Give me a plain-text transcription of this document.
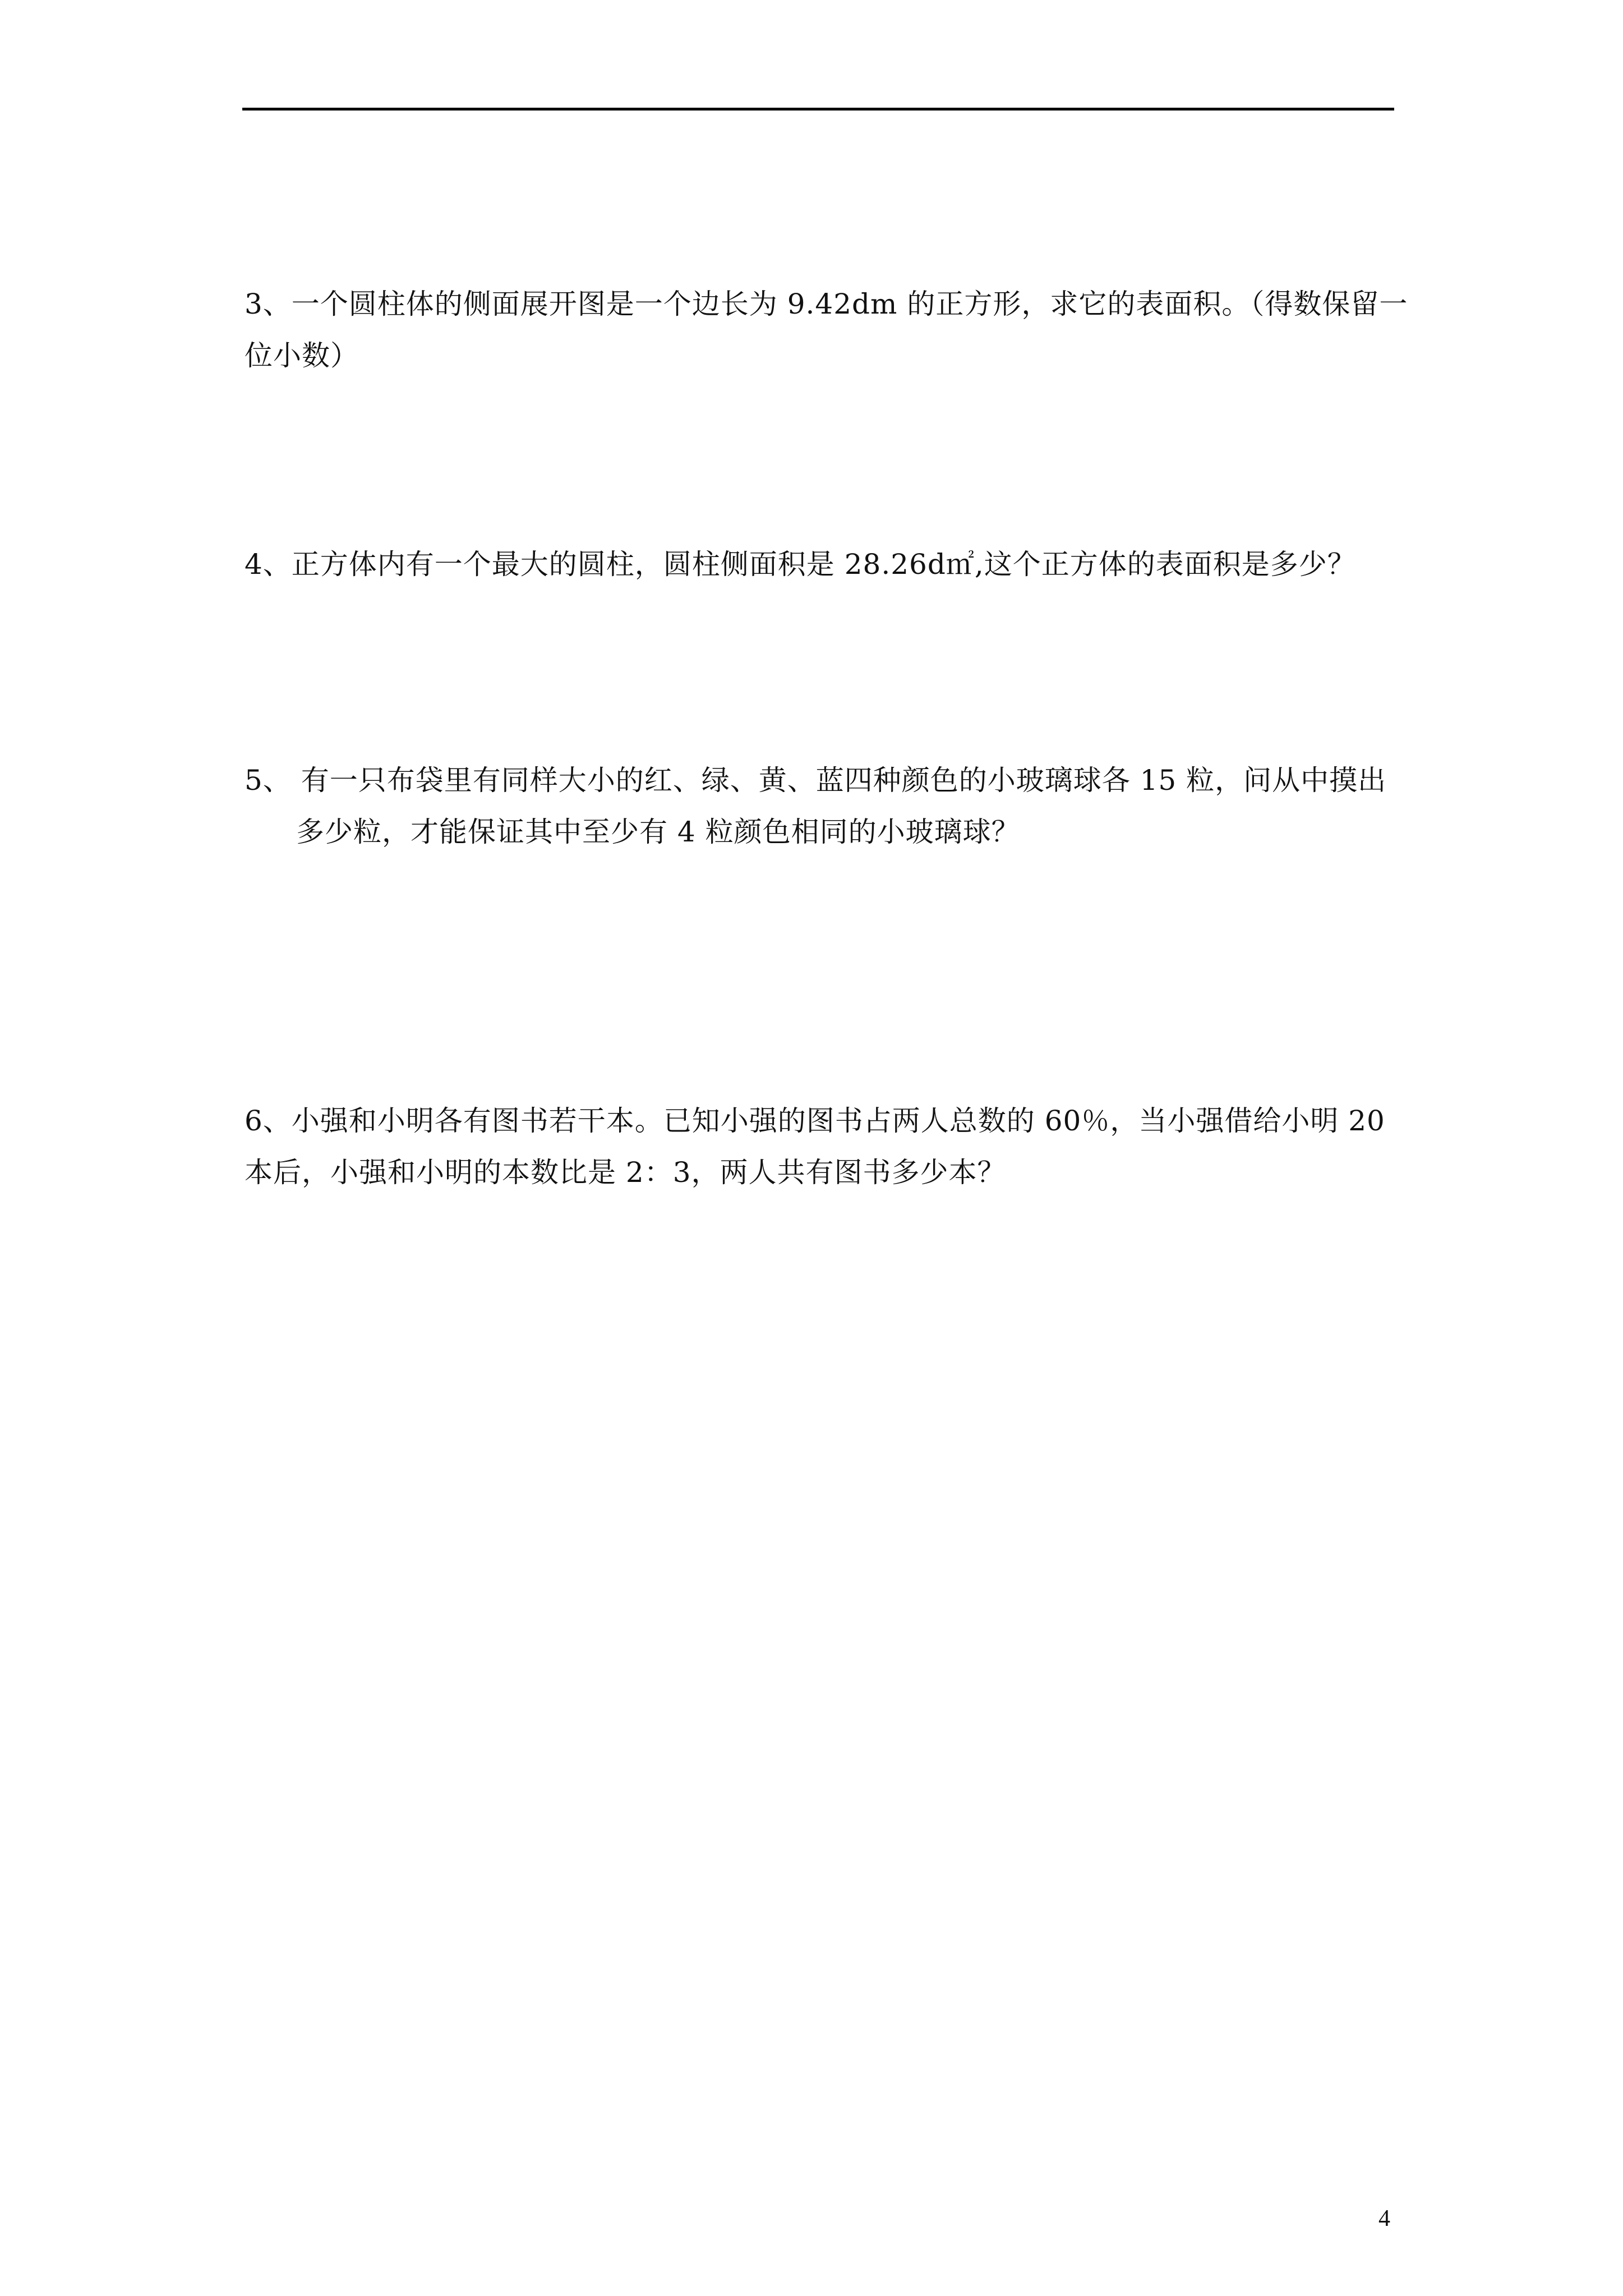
3、一个圆柱体的侧面展开图是一个边长为 9.42dm 的正方形，求它的表面积。（得数保留一
位小数）
4、正方体内有一个最大的圆柱，圆柱侧面积是 28.26d㎡,这个正方体的表面积是多少？
5、 有一只布袋里有同样大小的红、绿、黄、蓝四种颜色的小玻璃球各 15 粒，问从中摸出
多少粒，才能保证其中至少有 4 粒颜色相同的小玻璃球？
6、小强和小明各有图书若干本。已知小强的图书占两人总数的 60％，当小强借给小明 20
本后，小强和小明的本数比是 2：3，两人共有图书多少本？
4
